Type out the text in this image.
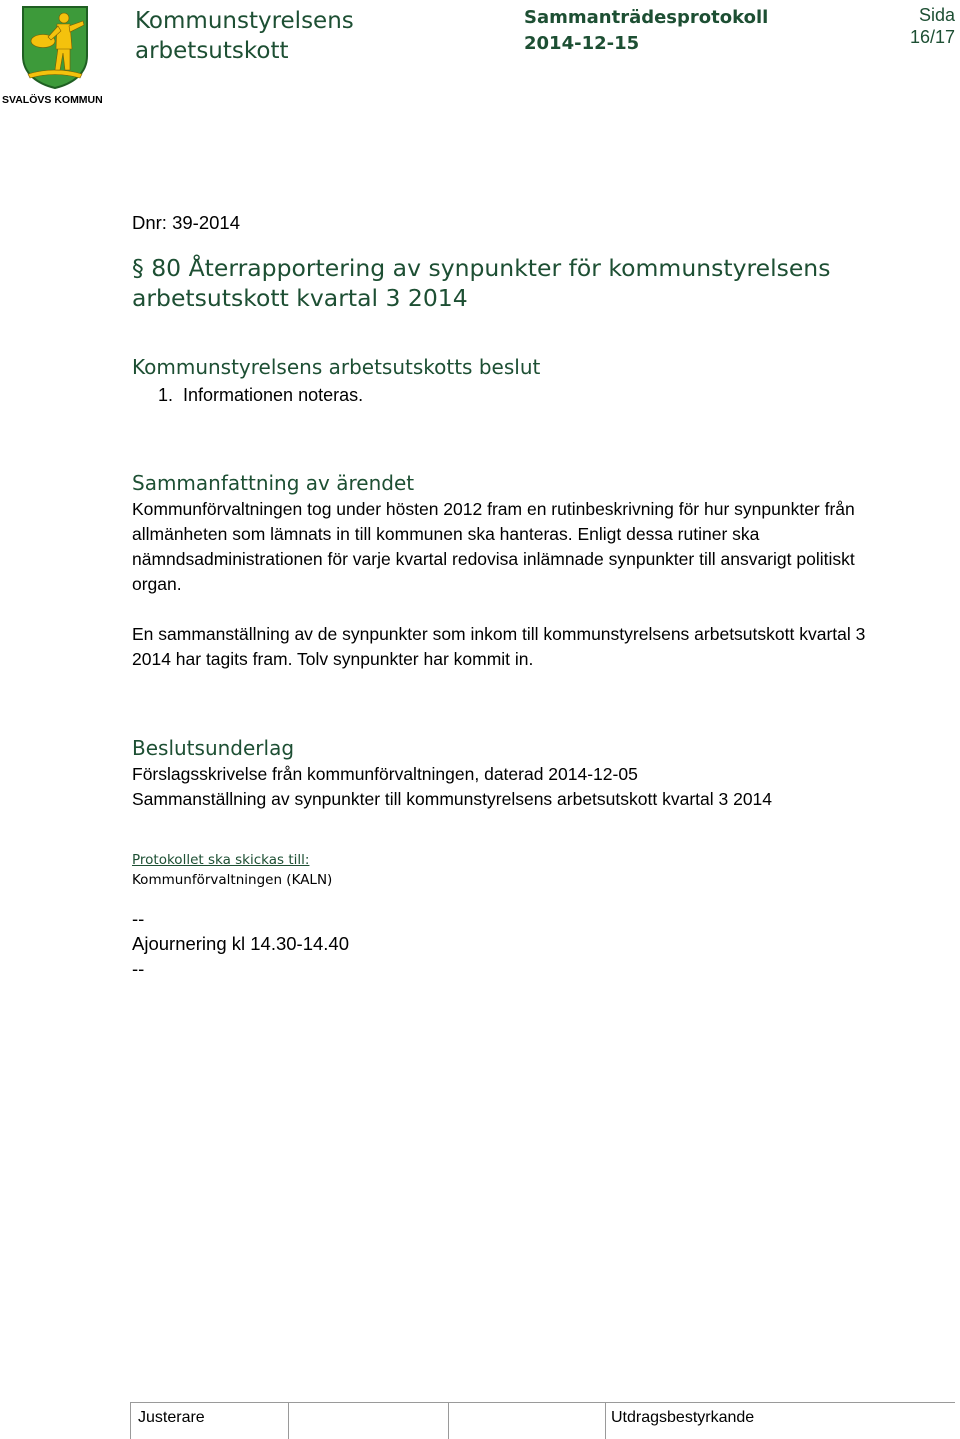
SVALÖVS KOMMUN
Kommunstyrelsens
arbetsutskott
Sammanträdesprotokoll
2014-12-15
Sida
16/17
Dnr: 39-2014
§ 80 Återrapportering av synpunkter för kommunstyrelsens
arbetsutskott kvartal 3 2014
Kommunstyrelsens arbetsutskotts beslut
1. Informationen noteras.
Sammanfattning av ärendet
Kommunförvaltningen tog under hösten 2012 fram en rutinbeskrivning för hur synpunkter från
allmänheten som lämnats in till kommunen ska hanteras. Enligt dessa rutiner ska
nämndsadministrationen för varje kvartal redovisa inlämnade synpunkter till ansvarigt politiskt
organ.
En sammanställning av de synpunkter som inkom till kommunstyrelsens arbetsutskott kvartal 3
2014 har tagits fram. Tolv synpunkter har kommit in.
Beslutsunderlag
Förslagsskrivelse från kommunförvaltningen, daterad 2014-12-05
Sammanställning av synpunkter till kommunstyrelsens arbetsutskott kvartal 3 2014
Protokollet ska skickas till:
Kommunförvaltningen (KALN)
--
Ajournering kl 14.30-14.40
--
Justerare	Utdragsbestyrkande
